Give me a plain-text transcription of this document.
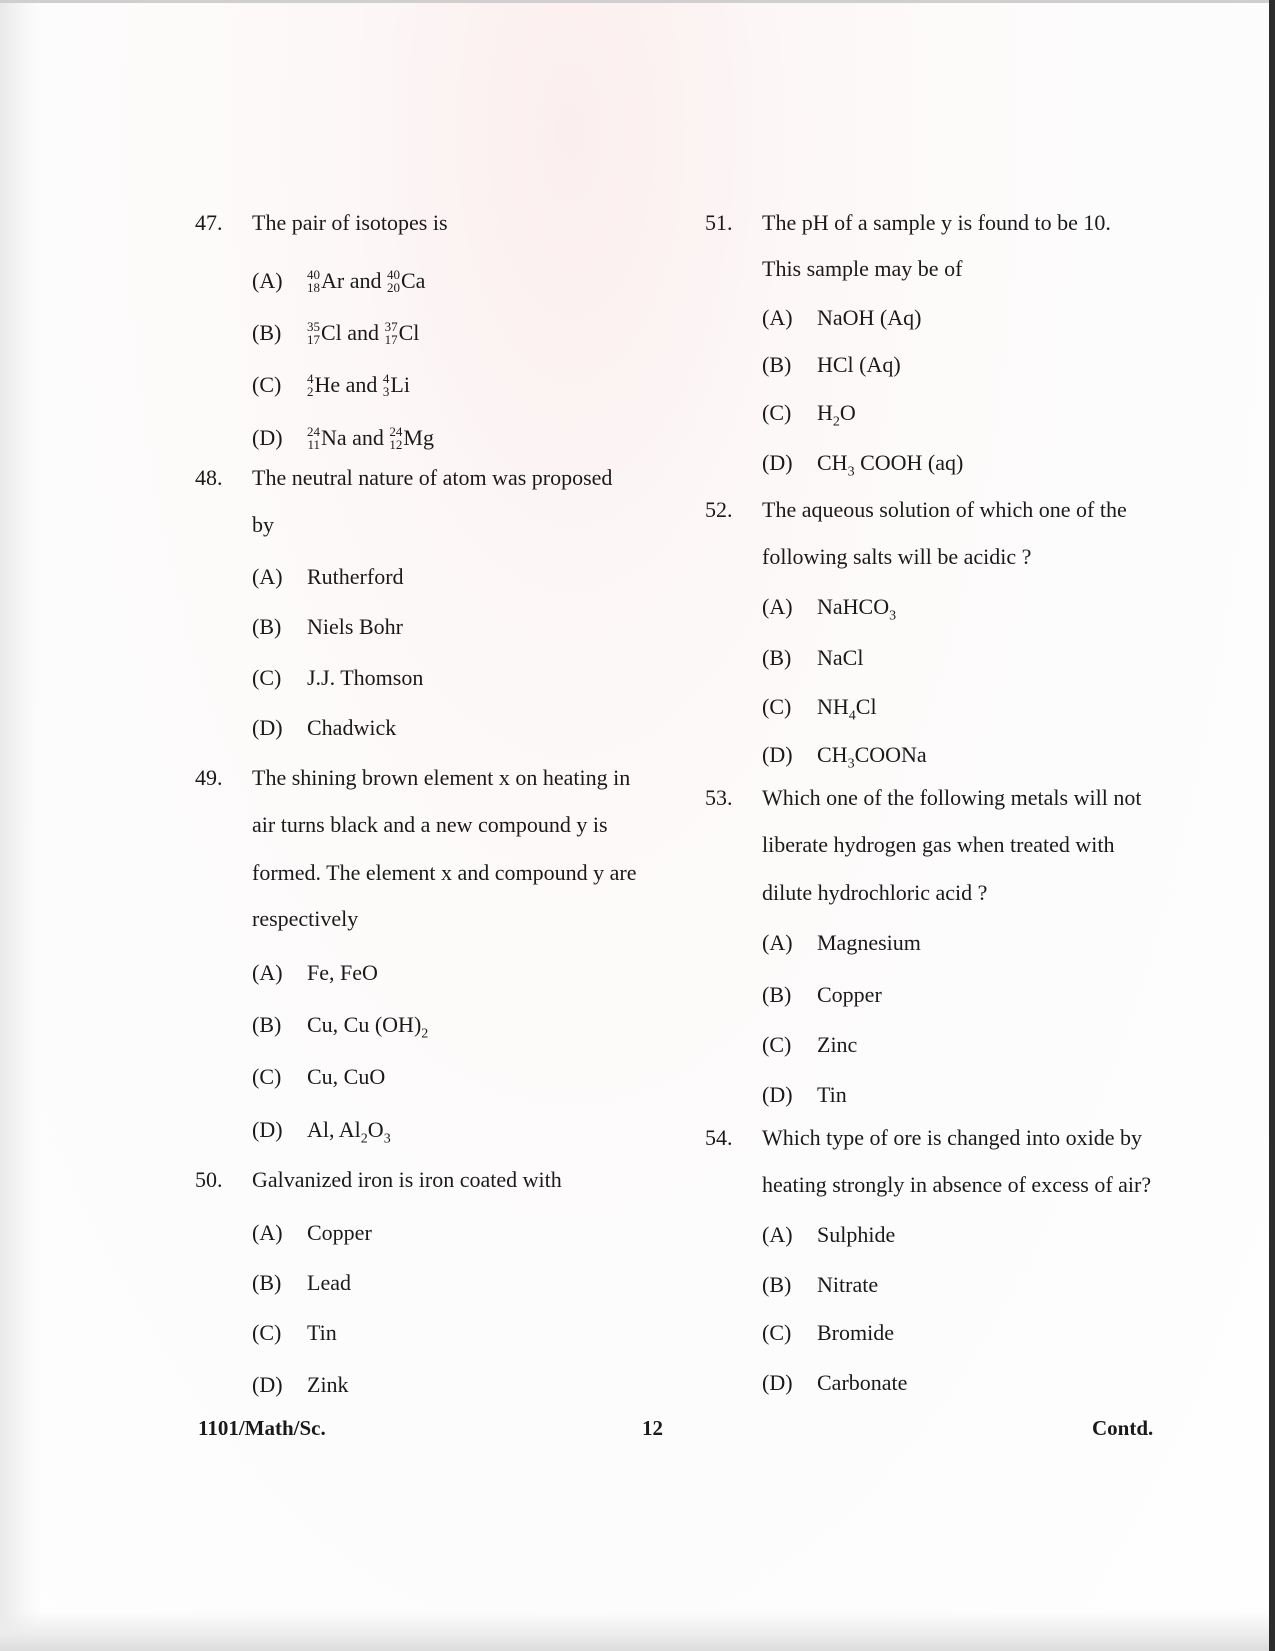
47. The pair of isotopes is
(A) 40
18 Ar and 40
20 Ca
(B) 35
17 Cl and 37
17 Cl
(C) 4
2 He and 4
3 Li
(D) 24
11 Na and 24
12 Mg
48. The neutral nature of atom was proposed
by
(A) Rutherford
(B) Niels Bohr
(C) J.J. Thomson
(D) Chadwick
49. The shining brown element x on heating in
air turns black and a new compound y is
formed. The element x and compound y are
respectively
(A) Fe, FeO
(B) Cu, Cu $(OH)_2$
(C) Cu, CuO
(D) Al, $Al_2O_3$
50. Galvanized iron is iron coated with
(A) Copper
(B) Lead
(C) Tin
(D) Zink
51. The pH of a sample y is found to be 10.
This sample may be of
(A) NaOH (Aq)
(B) HCl (Aq)
(C) $H_2O$
(D) $CH_3$ COOH (aq)
52. The aqueous solution of which one of the
following salts will be acidic ?
(A) NaHCO$_3$
(B) NaCl
(C) $NH_4Cl$
(D) $CH_3COONa$
53. Which one of the following metals will not
liberate hydrogen gas when treated with
dilute hydrochloric acid ?
(A) Magnesium
(B) Copper
(C) Zinc
(D) Tin
54. Which type of ore is changed into oxide by
heating strongly in absence of excess of air?
(A) Sulphide
(B) Nitrate
(C) Bromide
(D) Carbonate
1101/Math/Sc.	12	Contd.
